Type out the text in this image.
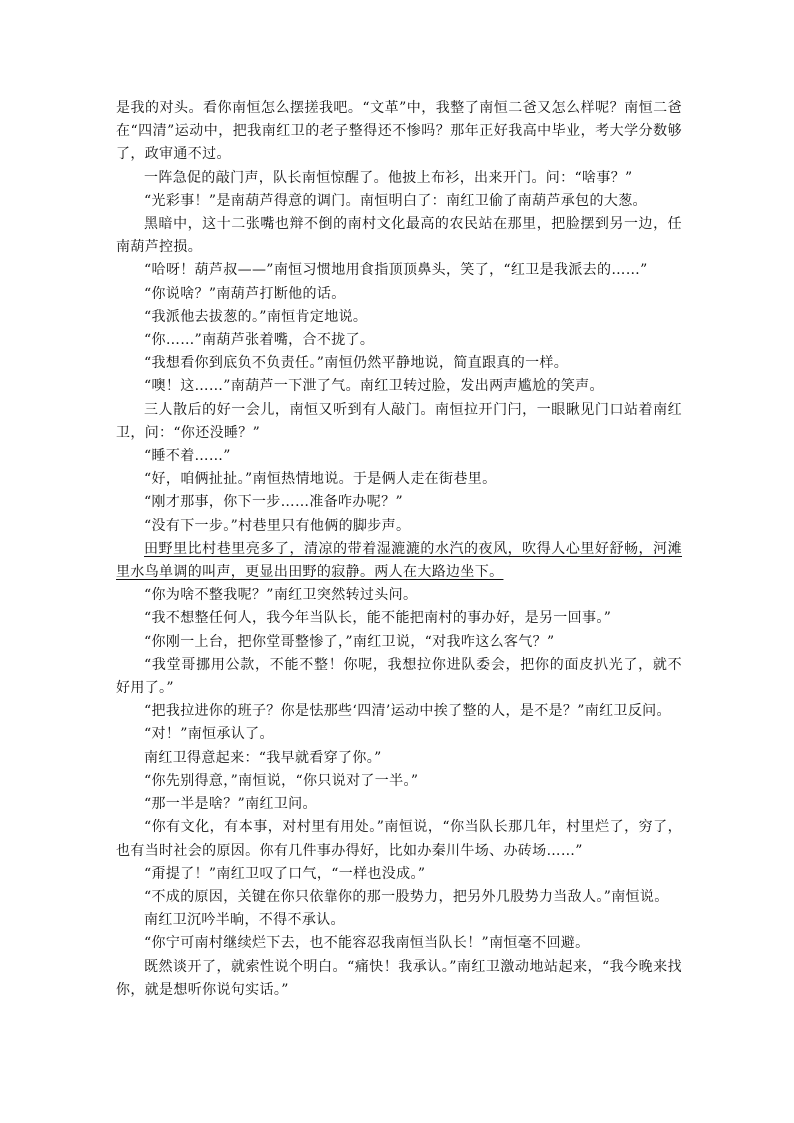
是我的对头。看你南恒怎么摆搓我吧。“文革”中，我整了南恒二爸又怎么样呢？南恒二爸在“四清”运动中，把我南红卫的老子整得还不惨吗？那年正好我高中毕业，考大学分数够了，政审通不过。

一阵急促的敲门声，队长南恒惊醒了。他披上布衫，出来开门。问：“啥事？”

“光彩事！”是南葫芦得意的调门。南恒明白了：南红卫偷了南葫芦承包的大葱。

黑暗中，这十二张嘴也辩不倒的南村文化最高的农民站在那里，把脸摆到另一边，任南葫芦控损。

“哈呀！葫芦叔——”南恒习惯地用食指顶顶鼻头，笑了，“红卫是我派去的……”

“你说啥？”南葫芦打断他的话。

“我派他去拔葱的。”南恒肯定地说。

“你……”南葫芦张着嘴，合不拢了。

“我想看你到底负不负责任。”南恒仍然平静地说，简直跟真的一样。

“噢！这……”南葫芦一下泄了气。南红卫转过脸，发出两声尴尬的笑声。

三人散后的好一会儿，南恒又听到有人敲门。南恒拉开门闩，一眼瞅见门口站着南红卫，问：“你还没睡？”

“睡不着……”

“好，咱俩扯扯。”南恒热情地说。于是俩人走在街巷里。

“刚才那事，你下一步……准备咋办呢？”

“没有下一步。”村巷里只有他俩的脚步声。

田野里比村巷里亮多了，清凉的带着湿漉漉的水汽的夜风，吹得人心里好舒畅，河滩里水鸟单调的叫声，更显出田野的寂静。两人在大路边坐下。

“你为啥不整我呢？”南红卫突然转过头问。

“我不想整任何人，我今年当队长，能不能把南村的事办好，是另一回事。”

“你刚一上台，把你堂哥整惨了，”南红卫说，“对我咋这么客气？”

“我堂哥挪用公款，不能不整！你呢，我想拉你进队委会，把你的面皮扒光了，就不好用了。”

“把我拉进你的班子？你是怯那些‘四清’运动中挨了整的人，是不是？”南红卫反问。

“对！”南恒承认了。

南红卫得意起来：“我早就看穿了你。”

“你先别得意，”南恒说，“你只说对了一半。”

“那一半是啥？”南红卫问。

“你有文化，有本事，对村里有用处。”南恒说，“你当队长那几年，村里烂了，穷了，也有当时社会的原因。你有几件事办得好，比如办秦川牛场、办砖场……”

“甭提了！”南红卫叹了口气，“一样也没成。”

“不成的原因，关键在你只依靠你的那一股势力，把另外几股势力当敌人。”南恒说。

南红卫沉吟半晌，不得不承认。

“你宁可南村继续烂下去，也不能容忍我南恒当队长！”南恒毫不回避。

既然谈开了，就索性说个明白。“痛快！我承认。”南红卫激动地站起来，“我今晚来找你，就是想听你说句实话。”
